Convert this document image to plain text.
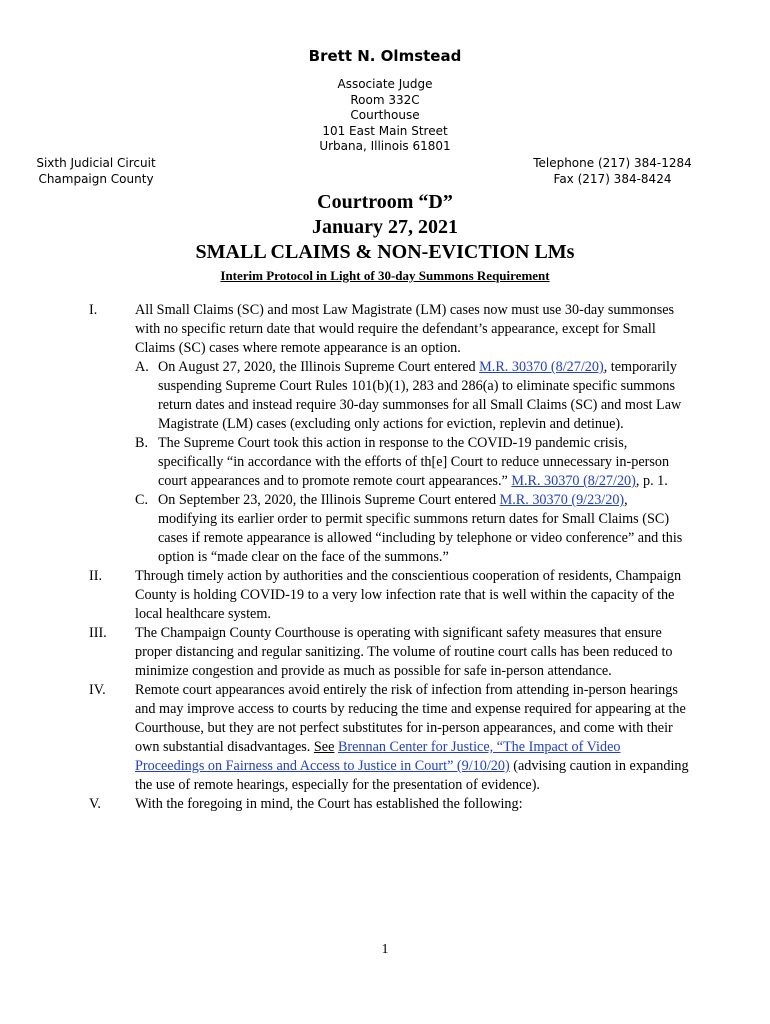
Brett N. Olmstead
Associate Judge
Room 332C
Courthouse
101 East Main Street
Urbana, Illinois 61801
Sixth Judicial Circuit
Champaign County
Telephone (217) 384-1284
Fax (217) 384-8424
Courtroom “D”
January 27, 2021
SMALL CLAIMS & NON-EVICTION LMs
Interim Protocol in Light of 30-day Summons Requirement
I.	All Small Claims (SC) and most Law Magistrate (LM) cases now must use 30-day summonses with no specific return date that would require the defendant’s appearance, except for Small Claims (SC) cases where remote appearance is an option.
A. On August 27, 2020, the Illinois Supreme Court entered M.R. 30370 (8/27/20), temporarily suspending Supreme Court Rules 101(b)(1), 283 and 286(a) to eliminate specific summons return dates and instead require 30-day summonses for all Small Claims (SC) and most Law Magistrate (LM) cases (excluding only actions for eviction, replevin and detinue).
B. The Supreme Court took this action in response to the COVID-19 pandemic crisis, specifically “in accordance with the efforts of th[e] Court to reduce unnecessary in-person court appearances and to promote remote court appearances.” M.R. 30370 (8/27/20), p. 1.
C. On September 23, 2020, the Illinois Supreme Court entered M.R. 30370 (9/23/20), modifying its earlier order to permit specific summons return dates for Small Claims (SC) cases if remote appearance is allowed “including by telephone or video conference” and this option is “made clear on the face of the summons.”
II. Through timely action by authorities and the conscientious cooperation of residents, Champaign County is holding COVID-19 to a very low infection rate that is well within the capacity of the local healthcare system.
III. The Champaign County Courthouse is operating with significant safety measures that ensure proper distancing and regular sanitizing. The volume of routine court calls has been reduced to minimize congestion and provide as much as possible for safe in-person attendance.
IV. Remote court appearances avoid entirely the risk of infection from attending in-person hearings and may improve access to courts by reducing the time and expense required for appearing at the Courthouse, but they are not perfect substitutes for in-person appearances, and come with their own substantial disadvantages. See Brennan Center for Justice, “The Impact of Video Proceedings on Fairness and Access to Justice in Court” (9/10/20) (advising caution in expanding the use of remote hearings, especially for the presentation of evidence).
V. With the foregoing in mind, the Court has established the following:
1
